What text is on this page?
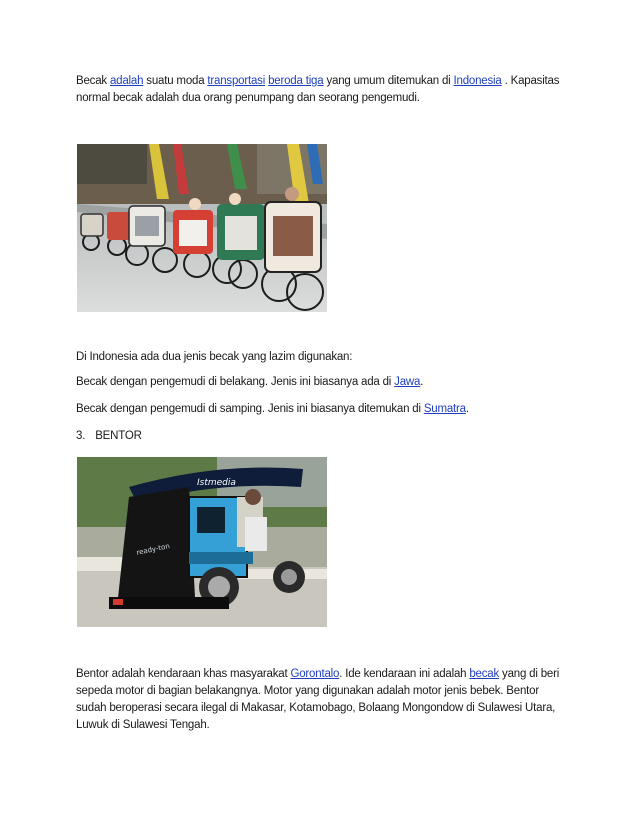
Becak adalah suatu moda transportasi beroda tiga yang umum ditemukan di Indonesia . Kapasitas normal becak adalah dua orang penumpang dan seorang pengemudi.
Di Indonesia ada dua jenis becak yang lazim digunakan:
Becak dengan pengemudi di belakang. Jenis ini biasanya ada di Jawa.
Becak dengan pengemudi di samping. Jenis ini biasanya ditemukan di Sumatra.
3. BENTOR
Istmedia
ready-ton
Bentor adalah kendaraan khas masyarakat Gorontalo. Ide kendaraan ini adalah becak yang di beri sepeda motor di bagian belakangnya. Motor yang digunakan adalah motor jenis bebek. Bentor sudah beroperasi secara ilegal di Makasar, Kotamobago, Bolaang Mongondow di Sulawesi Utara, Luwuk di Sulawesi Tengah.
